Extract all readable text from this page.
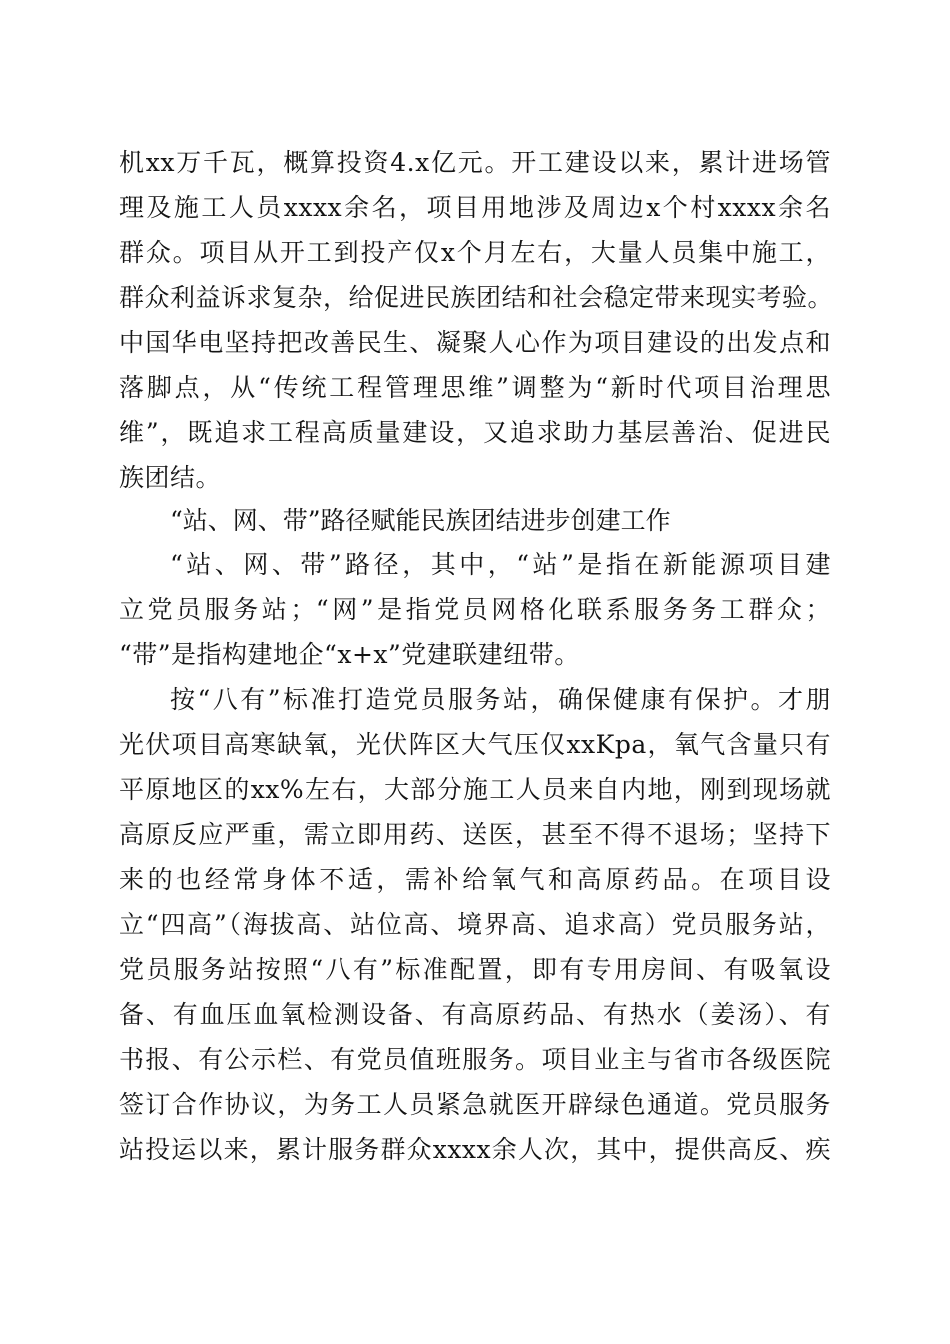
机xx万千瓦，概算投资4.x亿元。开工建设以来，累计进场管
理及施工人员xxxx余名，项目用地涉及周边x个村xxxx余名
群众。项目从开工到投产仅x个月左右，大量人员集中施工，
群众利益诉求复杂，给促进民族团结和社会稳定带来现实考验。
中国华电坚持把改善民生、凝聚人心作为项目建设的出发点和
落脚点，从“传统工程管理思维”调整为“新时代项目治理思
维”，既追求工程高质量建设，又追求助力基层善治、促进民
族团结。
“站、网、带”路径赋能民族团结进步创建工作
“站、网、带”路径，其中，“站”是指在新能源项目建
立党员服务站；“网”是指党员网格化联系服务务工群众；
“带”是指构建地企“x+x”党建联建纽带。
按“八有”标准打造党员服务站，确保健康有保护。才朋
光伏项目高寒缺氧，光伏阵区大气压仅xxKpa，氧气含量只有
平原地区的xx%左右，大部分施工人员来自内地，刚到现场就
高原反应严重，需立即用药、送医，甚至不得不退场；坚持下
来的也经常身体不适，需补给氧气和高原药品。在项目设
立“四高”（海拔高、站位高、境界高、追求高）党员服务站，
党员服务站按照“八有”标准配置，即有专用房间、有吸氧设
备、有血压血氧检测设备、有高原药品、有热水（姜汤）、有
书报、有公示栏、有党员值班服务。项目业主与省市各级医院
签订合作协议，为务工人员紧急就医开辟绿色通道。党员服务
站投运以来，累计服务群众xxxx余人次，其中，提供高反、疾
